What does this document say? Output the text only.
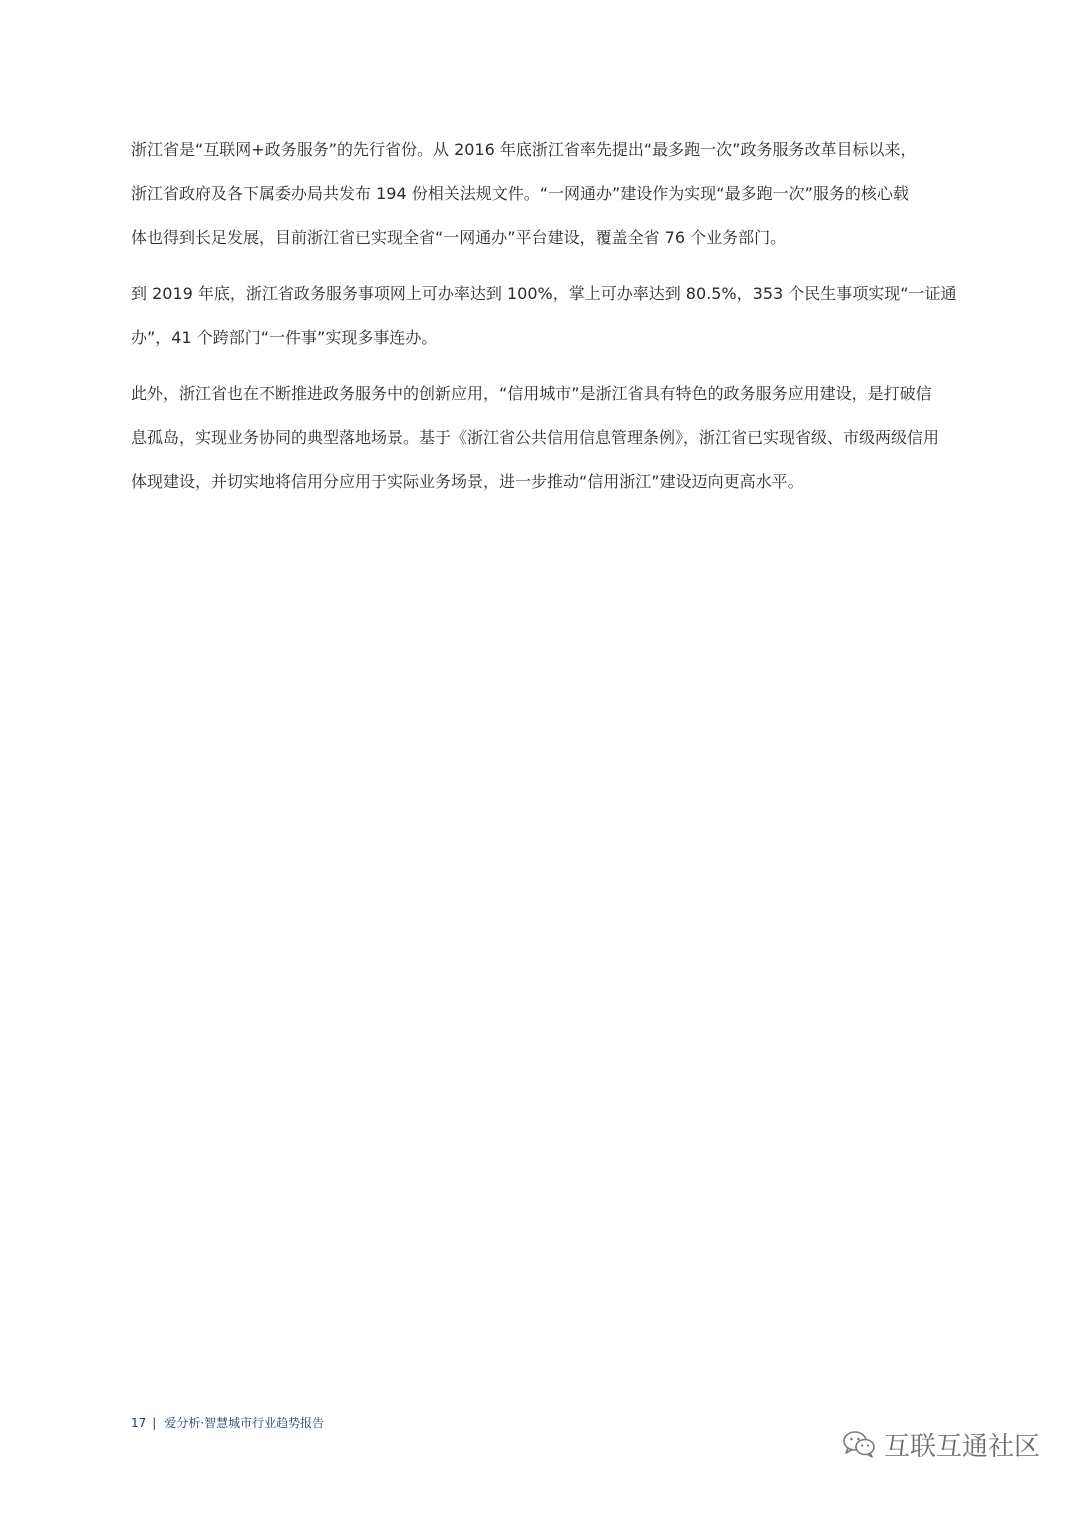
浙江省是“互联网+政务服务”的先行省份。从 2016 年底浙江省率先提出“最多跑一次”政务服务改革目标以来，
浙江省政府及各下属委办局共发布 194 份相关法规文件。“一网通办”建设作为实现“最多跑一次”服务的核心载
体也得到长足发展，目前浙江省已实现全省“一网通办”平台建设，覆盖全省 76 个业务部门。
到 2019 年底，浙江省政务服务事项网上可办率达到 100%，掌上可办率达到 80.5%，353 个民生事项实现“一证通
办”，41 个跨部门“一件事”实现多事连办。
此外，浙江省也在不断推进政务服务中的创新应用，“信用城市”是浙江省具有特色的政务服务应用建设，是打破信
息孤岛，实现业务协同的典型落地场景。基于《浙江省公共信用信息管理条例》，浙江省已实现省级、市级两级信用
体现建设，并切实地将信用分应用于实际业务场景，进一步推动“信用浙江”建设迈向更高水平。
17 | 爱分析·智慧城市行业趋势报告
互联互通社区
